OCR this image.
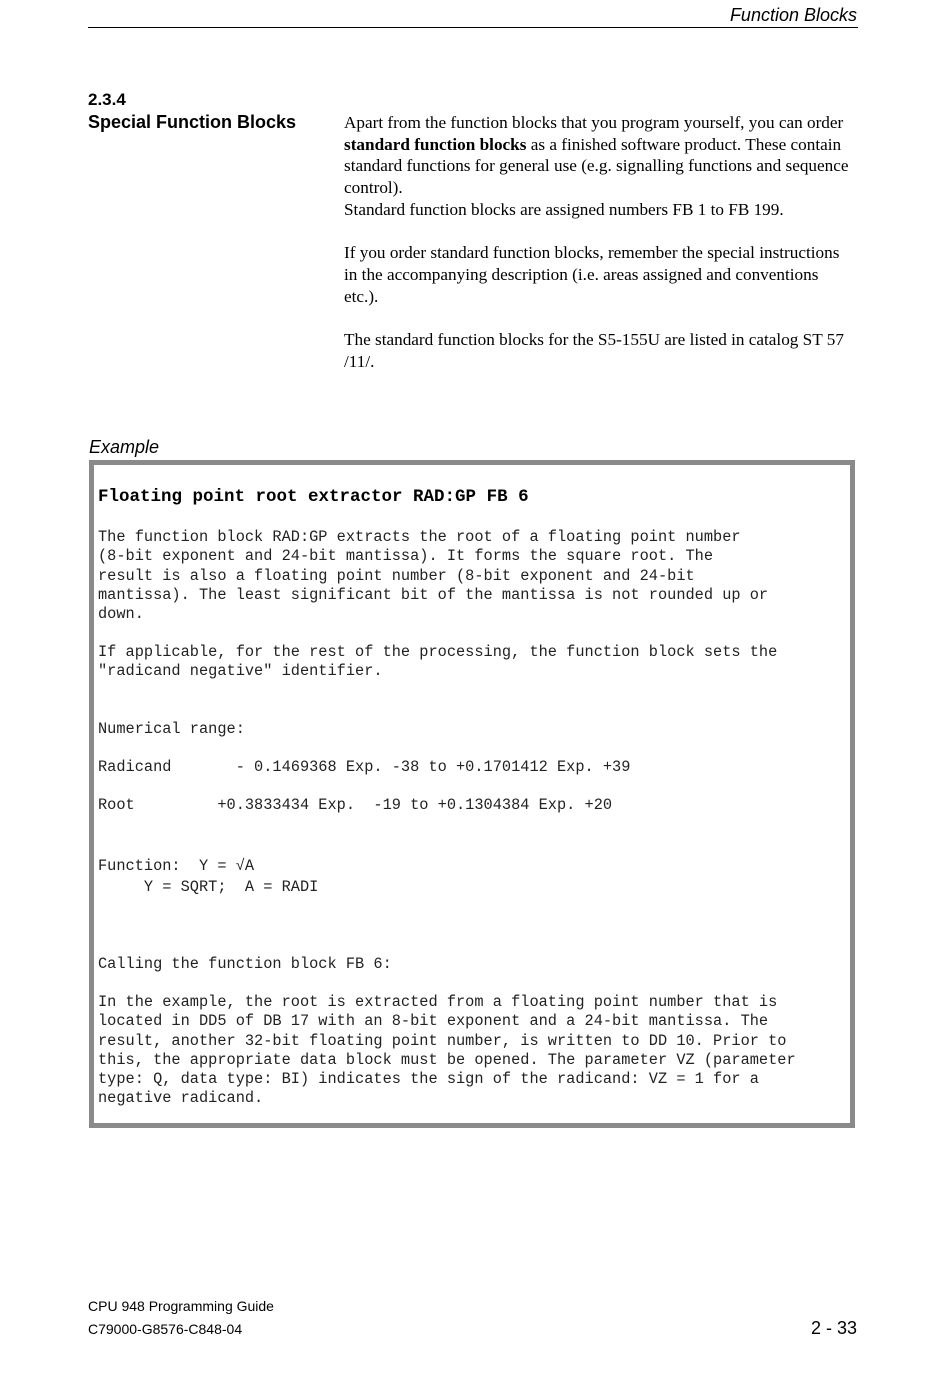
Function Blocks
2.3.4
Special Function Blocks	Apart from the function blocks that you program yourself, you can order standard function blocks as a finished software product. These contain standard functions for general use (e.g. signalling functions and sequence control).

Standard function blocks are assigned numbers FB 1 to FB 199.

If you order standard function blocks, remember the special instructions in the accompanying description (i.e. areas assigned and conventions etc.).

The standard function blocks for the S5-155U are listed in catalog ST 57 /11/.

Example
Floating point root extractor RAD:GP FB 6
The function block RAD:GP extracts the root of a floating point number
(8-bit exponent and 24-bit mantissa). It forms the square root. The
result is also a floating point number (8-bit exponent and 24-bit
mantissa). The least significant bit of the mantissa is not rounded up or
down.
If applicable, for the rest of the processing, the function block sets the
"radicand negative" identifier.
Numerical range:
Radicand       - 0.1469368 Exp. -38 to +0.1701412 Exp. +39
Root         +0.3833434 Exp.  -19 to +0.1304384 Exp. +20
Function:  Y = √A
Y = SQRT;  A = RADI
Calling the function block FB 6:
In the example, the root is extracted from a floating point number that is
located in DD5 of DB 17 with an 8-bit exponent and a 24-bit mantissa. The
result, another 32-bit floating point number, is written to DD 10. Prior to
this, the appropriate data block must be opened. The parameter VZ (parameter
type: Q, data type: BI) indicates the sign of the radicand: VZ = 1 for a
negative radicand.
CPU 948 Programming Guide
C79000-G8576-C848-04	2 - 33
